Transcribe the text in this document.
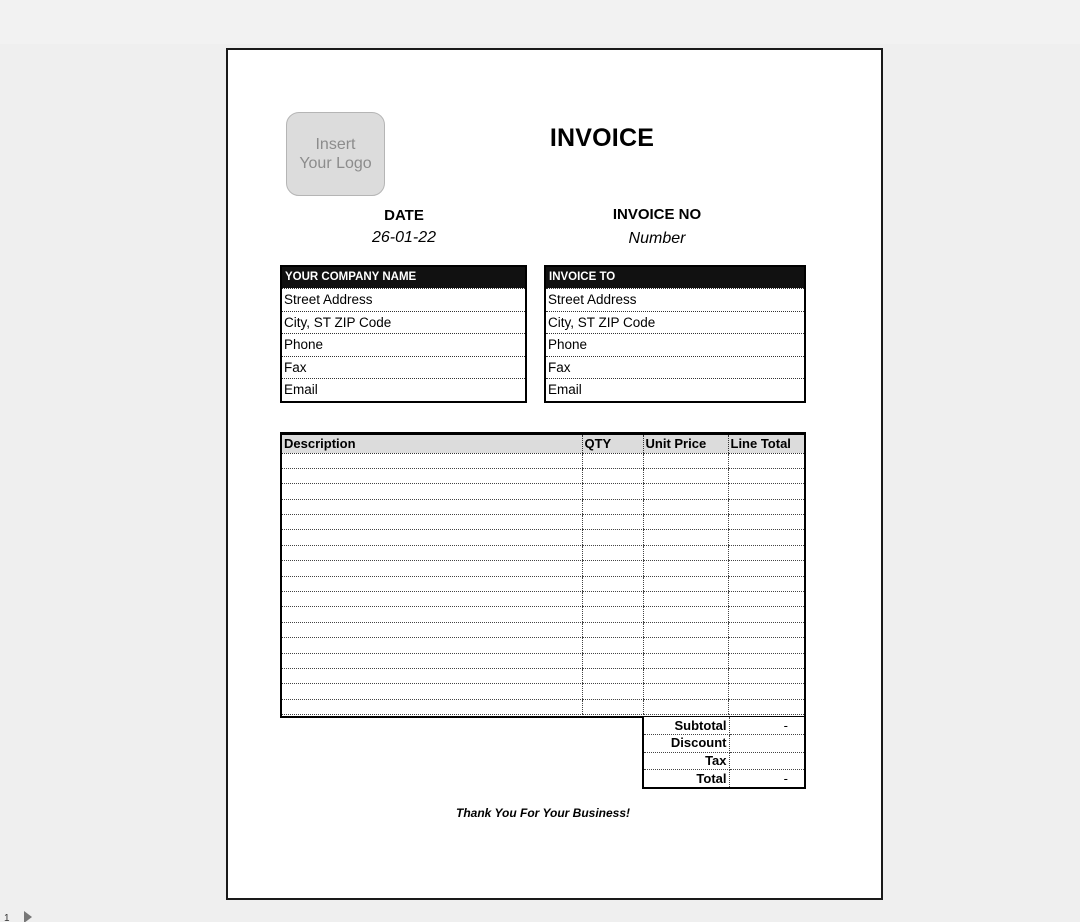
Insert
Your Logo
INVOICE
DATE
26-01-22
INVOICE NO
Number
YOUR COMPANY NAME
Street Address
City, ST ZIP Code
Phone
Fax
Email
INVOICE TO
Street Address
City, ST ZIP Code
Phone
Fax
Email
Description	QTY	Unit Price	Line Total

Subtotal	-
Discount	
Tax	
Total	-
Thank You For Your Business!
1
